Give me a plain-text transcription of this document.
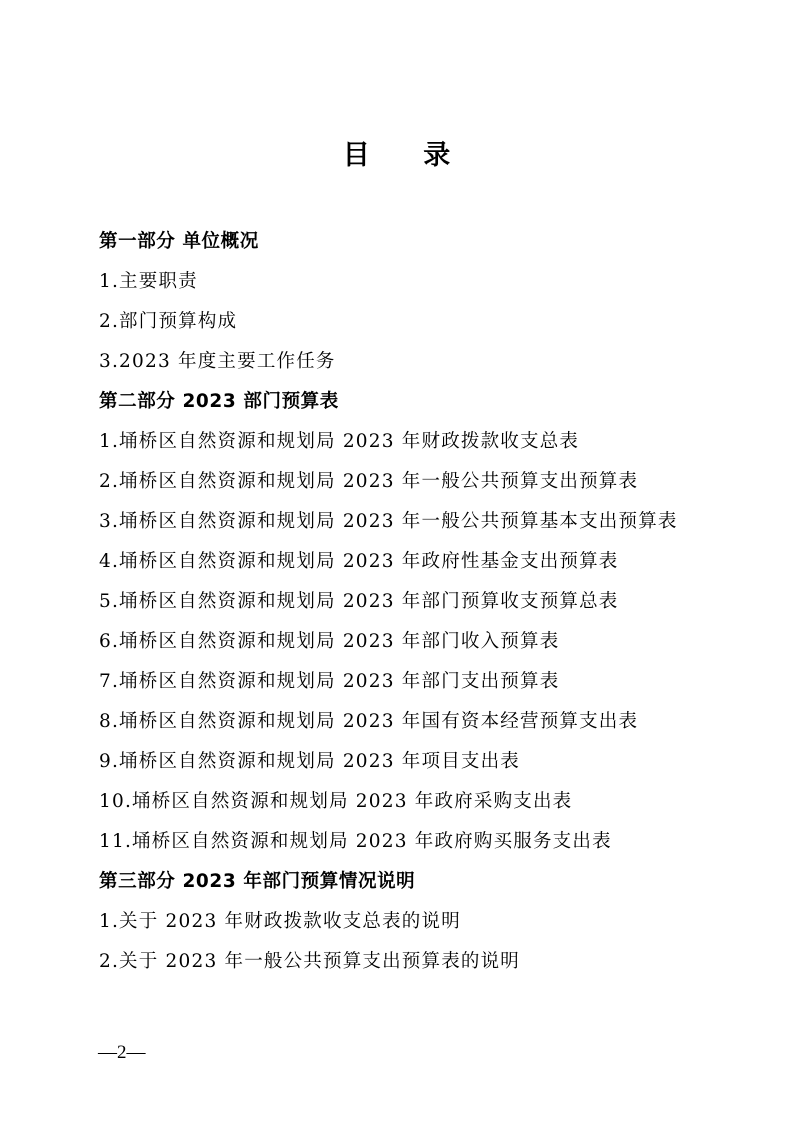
目 录
第一部分 单位概况
1.主要职责
2.部门预算构成
3.2023 年度主要工作任务
第二部分 2023 部门预算表
1.埇桥区自然资源和规划局 2023 年财政拨款收支总表
2.埇桥区自然资源和规划局 2023 年一般公共预算支出预算表
3.埇桥区自然资源和规划局 2023 年一般公共预算基本支出预算表
4.埇桥区自然资源和规划局 2023 年政府性基金支出预算表
5.埇桥区自然资源和规划局 2023 年部门预算收支预算总表
6.埇桥区自然资源和规划局 2023 年部门收入预算表
7.埇桥区自然资源和规划局 2023 年部门支出预算表
8.埇桥区自然资源和规划局 2023 年国有资本经营预算支出表
9.埇桥区自然资源和规划局 2023 年项目支出表
10.埇桥区自然资源和规划局 2023 年政府采购支出表
11.埇桥区自然资源和规划局 2023 年政府购买服务支出表
第三部分 2023 年部门预算情况说明
1.关于 2023 年财政拨款收支总表的说明
2.关于 2023 年一般公共预算支出预算表的说明
—2—
